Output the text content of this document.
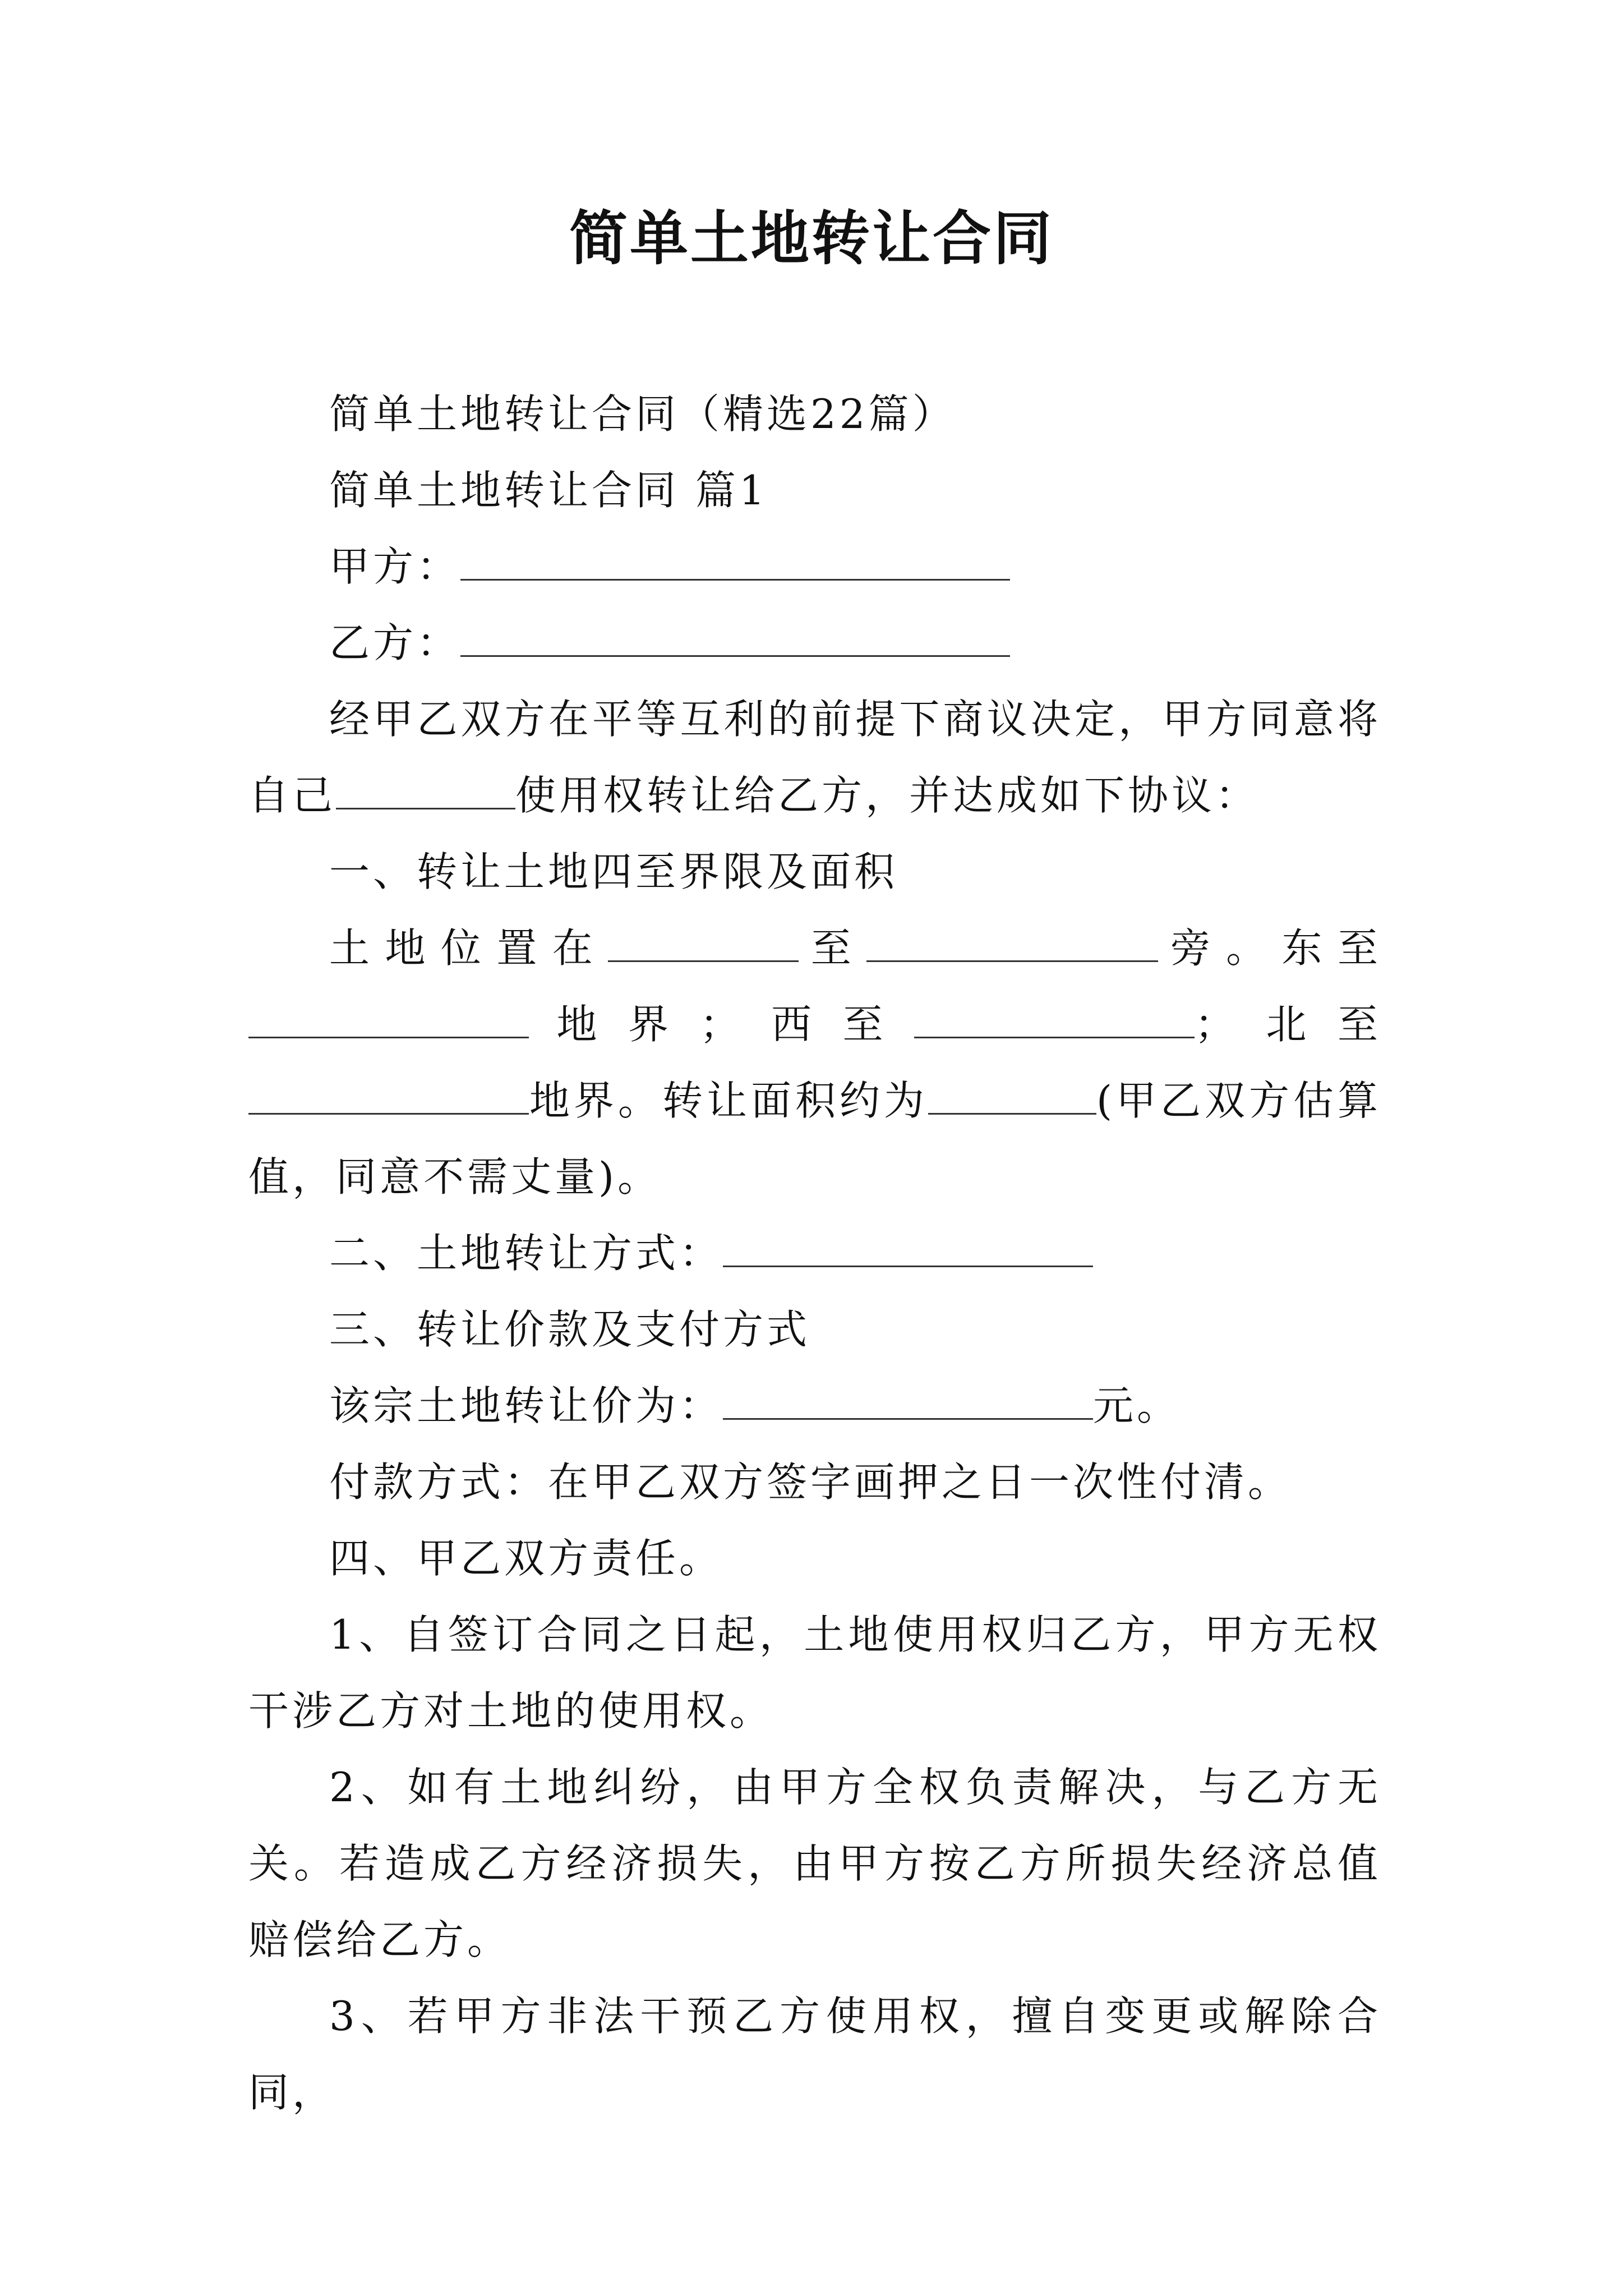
简单土地转让合同

简单土地转让合同（精选22篇）

简单土地转让合同 篇1

甲方：

乙方：

经甲乙双方在平等互利的前提下商议决定，甲方同意将自己	使用权转让给乙方，并达成如下协议：

一、转让土地四至界限及面积

土地位置在	至	旁。东至地界；西至	；北至地界。转让面积约为	(甲乙双方估算值，同意不需丈量)。

二、土地转让方式：

三、转让价款及支付方式

该宗土地转让价为：	元。

付款方式：在甲乙双方签字画押之日一次性付清。

四、甲乙双方责任。

1、自签订合同之日起，土地使用权归乙方，甲方无权干涉乙方对土地的使用权。

2、如有土地纠纷，由甲方全权负责解决，与乙方无关。若造成乙方经济损失，由甲方按乙方所损失经济总值赔偿给乙方。

3、若甲方非法干预乙方使用权，擅自变更或解除合同，
